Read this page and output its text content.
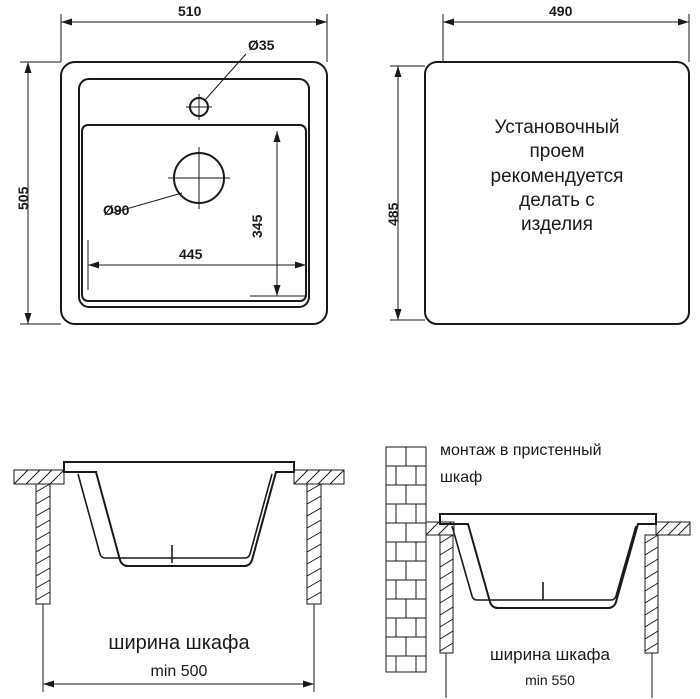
510
505
Ø35
Ø90
445
345
490
485
Установочный
проем
рекомендуется
делать с
изделия
ширина шкафа
min 500
монтаж в пристенный
шкаф
ширина шкафа
min 550
